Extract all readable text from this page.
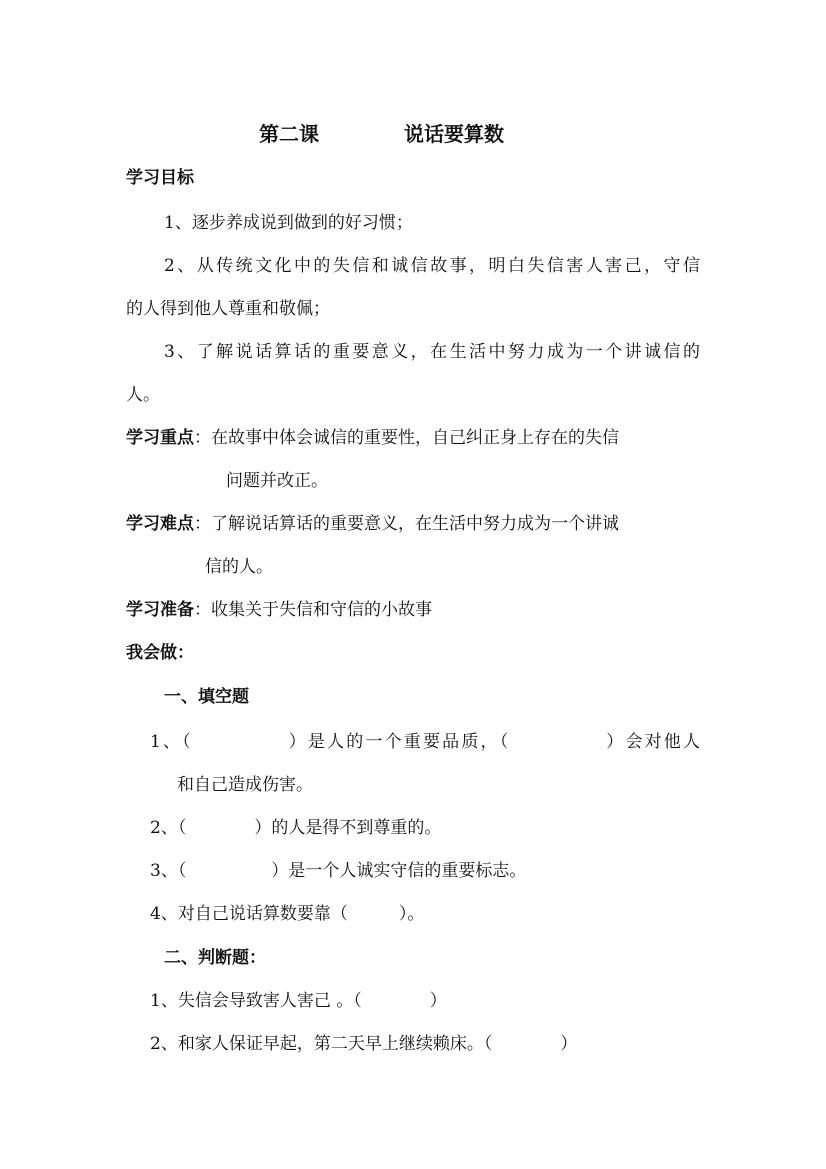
第二课	说话要算数
学习目标
1、逐步养成说到做到的好习惯；
2、从传统文化中的失信和诚信故事，明白失信害人害己，守信
的人得到他人尊重和敬佩；
3、了解说话算话的重要意义，在生活中努力成为一个讲诚信的
人。
学习重点：在故事中体会诚信的重要性，自己纠正身上存在的失信
问题并改正。
学习难点：了解说话算话的重要意义，在生活中努力成为一个讲诚
信的人。
学习准备：收集关于失信和守信的小故事
我会做：
一、填空题
1、（　　　　　）是人的一个重要品质，（　　　　　）会对他人
和自己造成伤害。
2、（　　　　）的人是得不到尊重的。
3、（　　　　　）是一个人诚实守信的重要标志。
4、对自己说话算数要靠（　　　）。
二、判断题：
1、失信会导致害人害己 。（　　　　）
2、和家人保证早起，第二天早上继续赖床。（　　　　）
